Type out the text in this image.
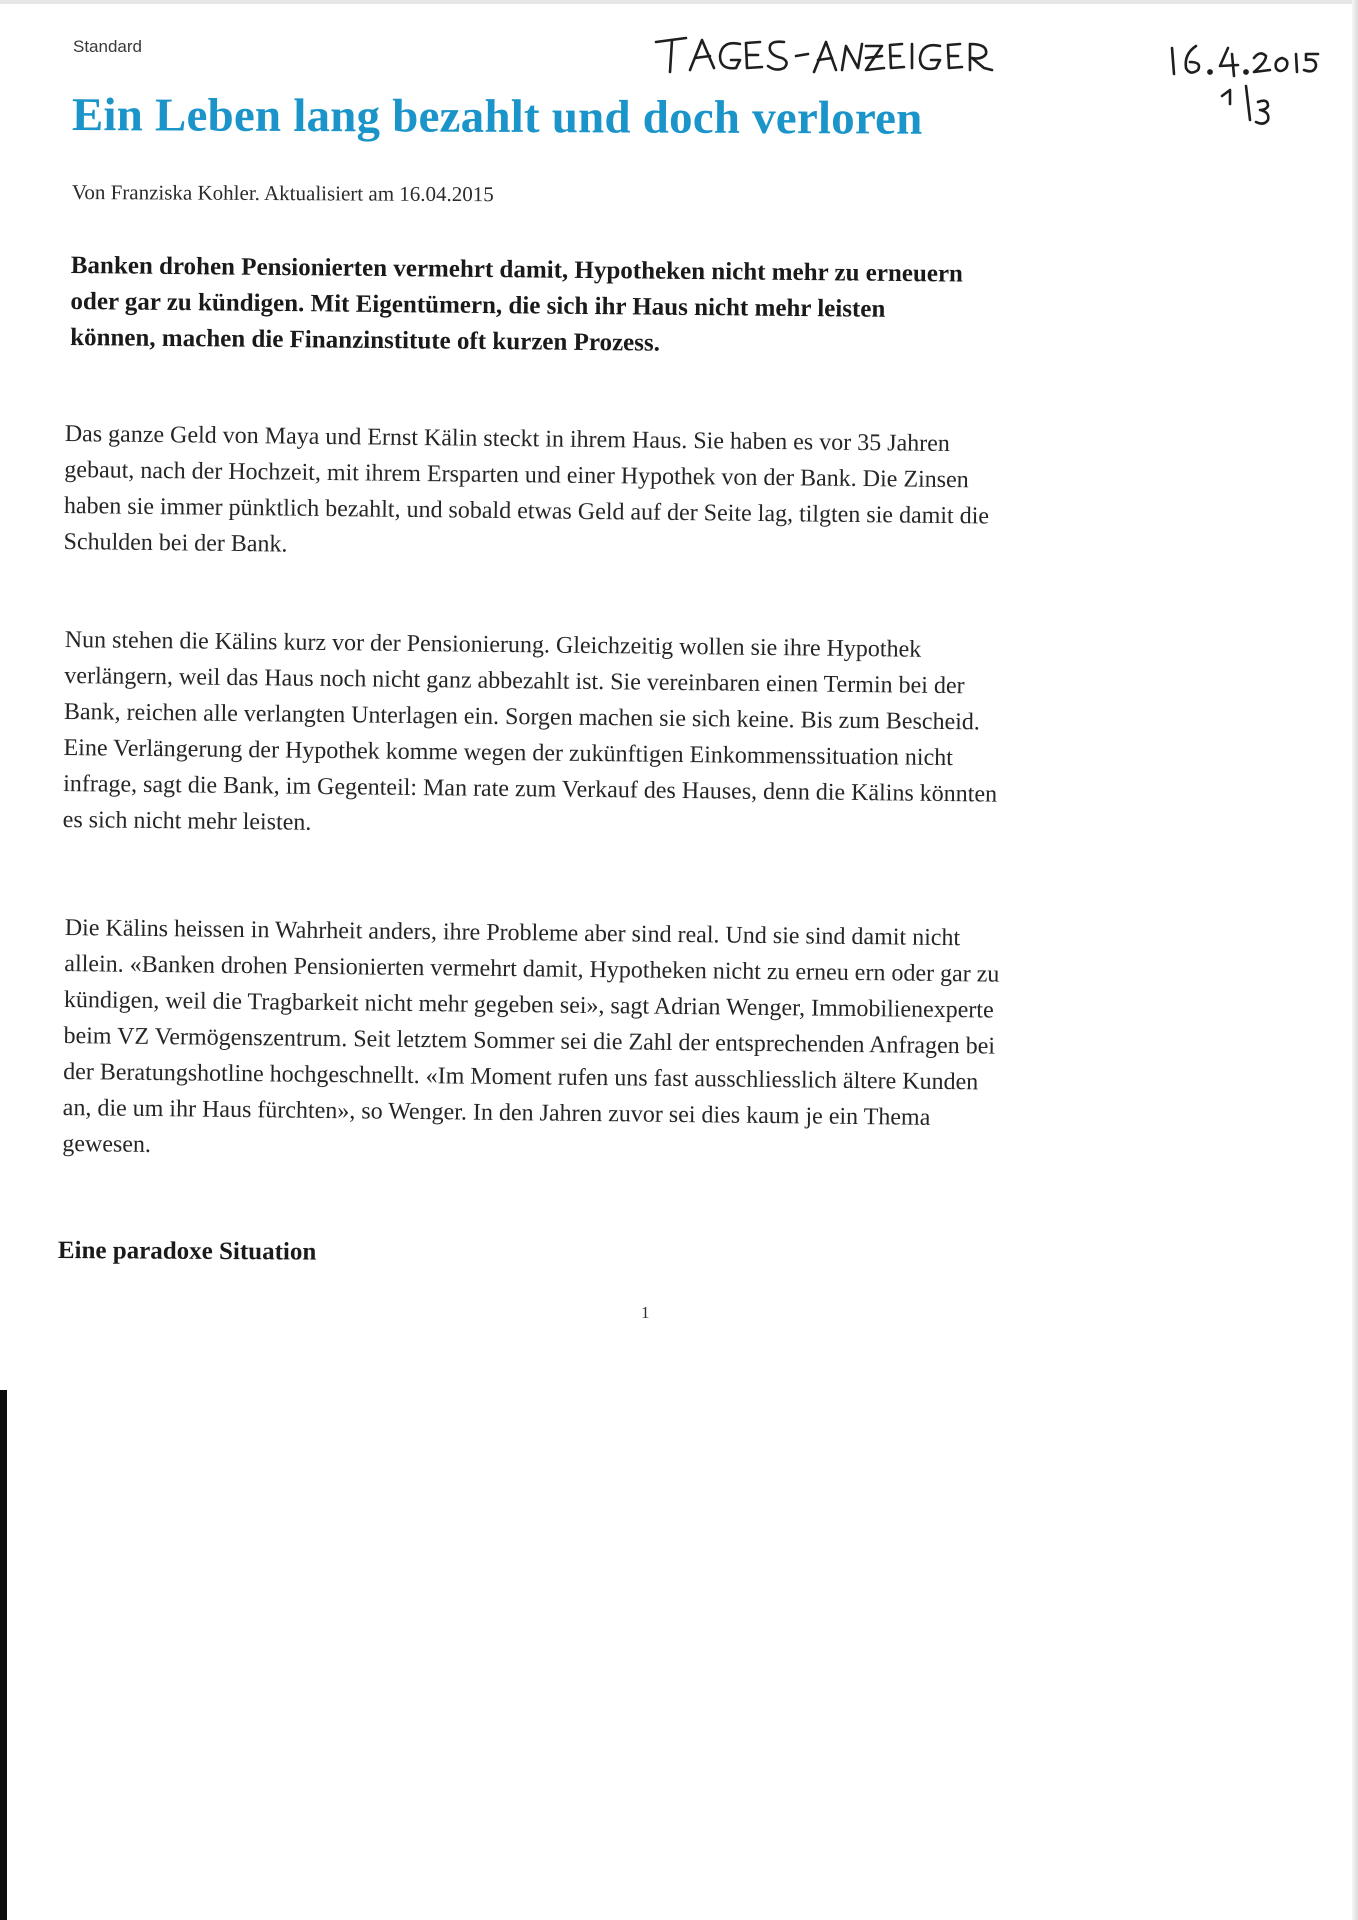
Standard
Ein Leben lang bezahlt und doch verloren
Von Franziska Kohler. Aktualisiert am 16.04.2015
Banken drohen Pensionierten vermehrt damit, Hypotheken nicht mehr zu erneuern
oder gar zu kündigen. Mit Eigentümern, die sich ihr Haus nicht mehr leisten
können, machen die Finanzinstitute oft kurzen Prozess.
Das ganze Geld von Maya und Ernst Kälin steckt in ihrem Haus. Sie haben es vor 35 Jahren
gebaut, nach der Hochzeit, mit ihrem Ersparten und einer Hypothek von der Bank. Die Zinsen
haben sie immer pünktlich bezahlt, und sobald etwas Geld auf der Seite lag, tilgten sie damit die
Schulden bei der Bank.
Nun stehen die Kälins kurz vor der Pensionierung. Gleichzeitig wollen sie ihre Hypothek
verlängern, weil das Haus noch nicht ganz abbezahlt ist. Sie vereinbaren einen Termin bei der
Bank, reichen alle verlangten Unterlagen ein. Sorgen machen sie sich keine. Bis zum Bescheid.
Eine Verlängerung der Hypothek komme wegen der zukünftigen Einkommenssituation nicht
infrage, sagt die Bank, im Gegenteil: Man rate zum Verkauf des Hauses, denn die Kälins könnten
es sich nicht mehr leisten.
Die Kälins heissen in Wahrheit anders, ihre Probleme aber sind real. Und sie sind damit nicht
allein. «Banken drohen Pensionierten vermehrt damit, Hypotheken nicht zu erneu ern oder gar zu
kündigen, weil die Tragbarkeit nicht mehr gegeben sei», sagt Adrian Wenger, Immobilienexperte
beim VZ Vermögenszentrum. Seit letztem Sommer sei die Zahl der entsprechenden Anfragen bei
der Beratungshotline hochgeschnellt. «Im Moment rufen uns fast ausschliesslich ältere Kunden
an, die um ihr Haus fürchten», so Wenger. In den Jahren zuvor sei dies kaum je ein Thema
gewesen.
Eine paradoxe Situation
1
